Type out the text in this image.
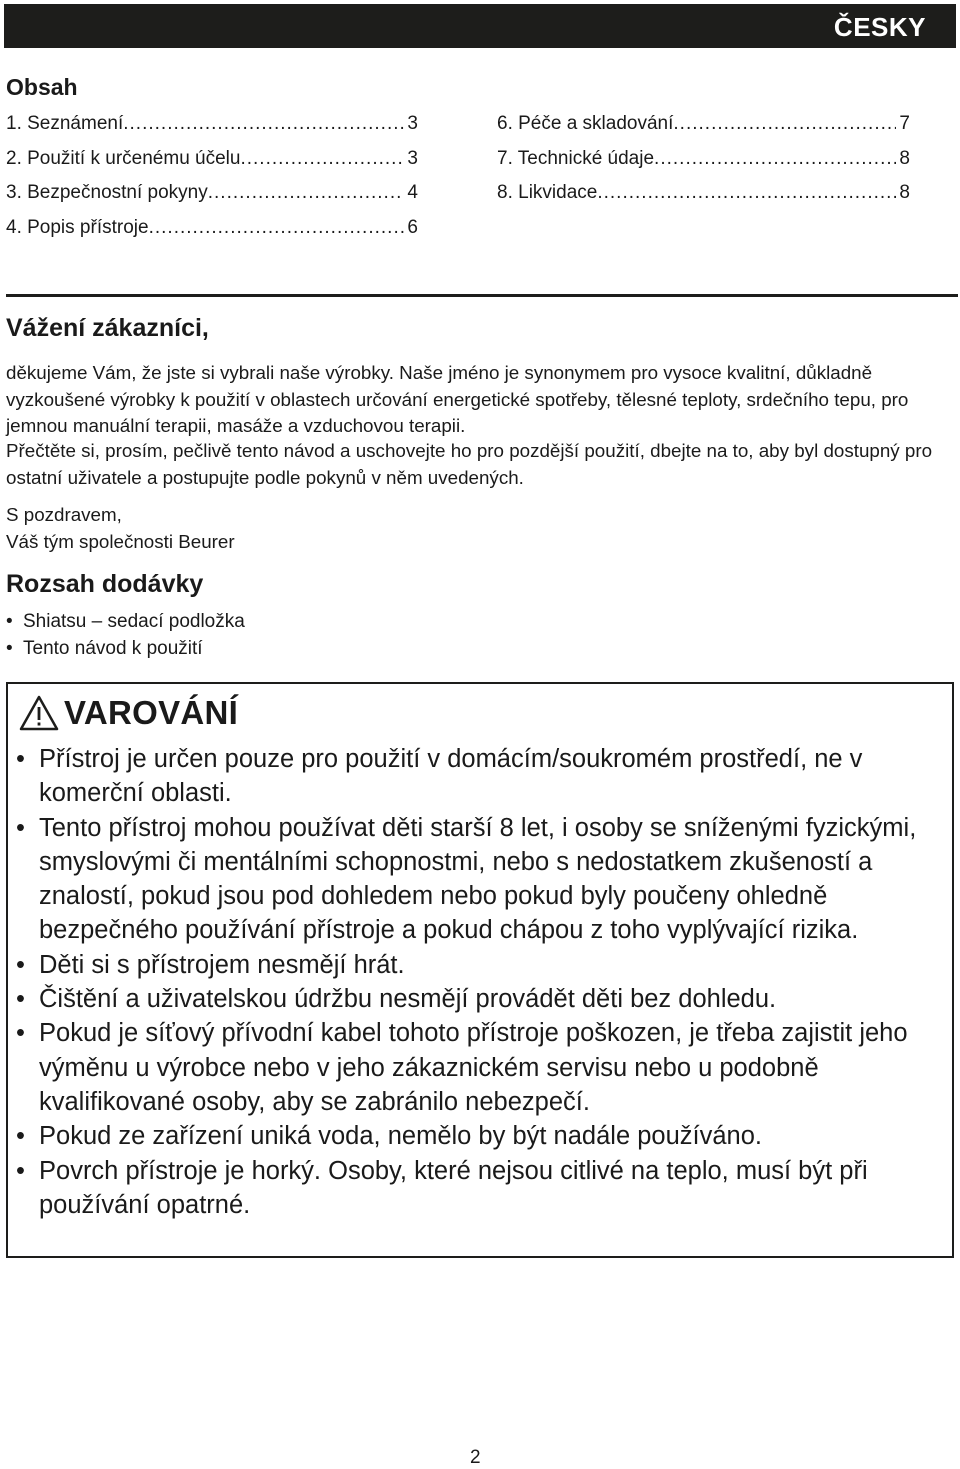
ČESKY
Obsah
1. Seznámení .....	3
2. Použití k určenému účelu .....	3
3. Bezpečnostní pokyny .....	4
4. Popis přístroje .....	6
6. Péče a skladování .....	7
7. Technické údaje .....	8
8. Likvidace .....	8
Vážení zákazníci,

děkujeme Vám, že jste si vybrali naše výrobky. Naše jméno je synonymem pro vysoce kvalitní, důkladně vyzkoušené výrobky k použití v oblastech určování energetické spotřeby, tělesné teploty, srdečního tepu, pro jemnou manuální terapii, masáže a vzduchovou terapii.

Přečtěte si, prosím, pečlivě tento návod a uschovejte ho pro pozdější použití, dbejte na to, aby byl dostupný pro ostatní uživatele a postupujte podle pokynů v něm uvedených.

S pozdravem,
Váš tým společnosti Beurer
Rozsah dodávky
• Shiatsu – sedací podložka
• Tento návod k použití
VAROVÁNÍ
• Přístroj je určen pouze pro použití v domácím/soukromém prostředí, ne v komerční oblasti.
• Tento přístroj mohou používat děti starší 8 let, i osoby se sníženými fyzickými, smyslovými či mentálními schopnostmi, nebo s nedostatkem zkušeností a znalostí, pokud jsou pod dohledem nebo pokud byly poučeny ohledně bezpečného používání přístroje a pokud chápou z toho vyplývající rizika.
• Děti si s přístrojem nesmějí hrát.
• Čištění a uživatelskou údržbu nesmějí provádět děti bez dohledu.
• Pokud je síťový přívodní kabel tohoto přístroje poškozen, je třeba zajistit jeho výměnu u výrobce nebo v jeho zákaznickém servisu nebo u podobně kvalifikované osoby, aby se zabránilo nebezpečí.
• Pokud ze zařízení uniká voda, nemělo by být nadále používáno.
• Povrch přístroje je horký. Osoby, které nejsou citlivé na teplo, musí být při používání opatrné.
2
